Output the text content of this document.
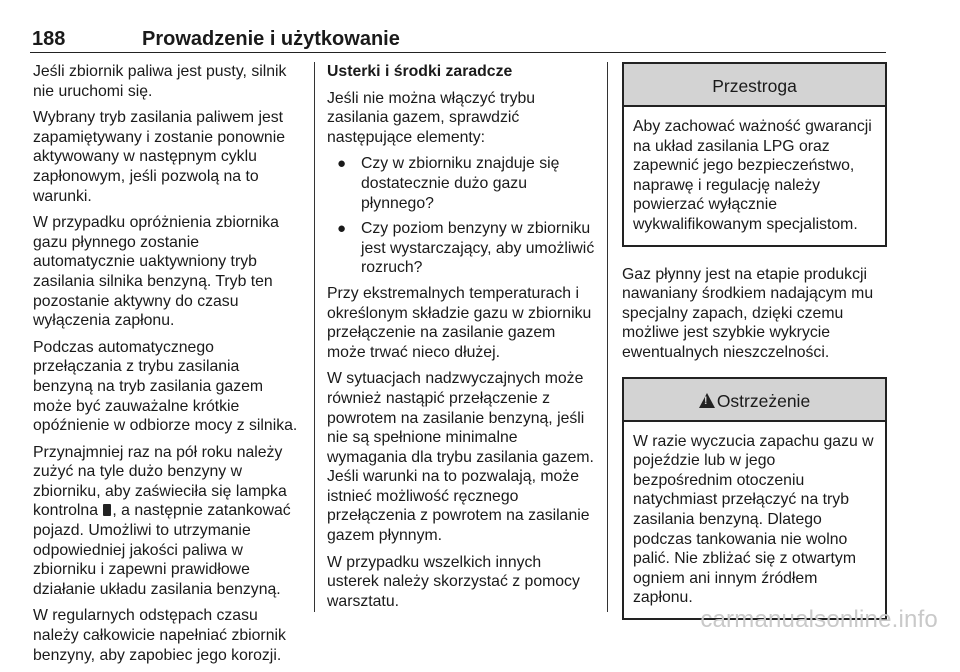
188	Prowadzenie i użytkowanie

Jeśli zbiornik paliwa jest pusty, silnik nie uruchomi się.

Wybrany tryb zasilania paliwem jest zapamiętywany i zostanie ponownie aktywowany w następnym cyklu zapłonowym, jeśli pozwolą na to warunki.

W przypadku opróżnienia zbiornika gazu płynnego zostanie automatycznie uaktywniony tryb zasilania silnika benzyną. Tryb ten pozostanie aktywny do czasu wyłączenia zapłonu.

Podczas automatycznego przełączania z trybu zasilania benzyną na tryb zasilania gazem może być zauważalne krótkie opóźnienie w odbiorze mocy z silnika.

Przynajmniej raz na pół roku należy zużyć na tyle dużo benzyny w zbiorniku, aby zaświeciła się lampka kontrolna , a następnie zatankować pojazd. Umożliwi to utrzymanie odpowiedniej jakości paliwa w zbiorniku i zapewni prawidłowe działanie układu zasilania benzyną.

W regularnych odstępach czasu należy całkowicie napełniać zbiornik benzyny, aby zapobiec jego korozji.

Usterki i środki zaradcze

Jeśli nie można włączyć trybu zasilania gazem, sprawdzić następujące elementy:

● Czy w zbiorniku znajduje się dostatecznie dużo gazu płynnego?
● Czy poziom benzyny w zbiorniku jest wystarczający, aby umożliwić rozruch?

Przy ekstremalnych temperaturach i określonym składzie gazu w zbiorniku przełączenie na zasilanie gazem może trwać nieco dłużej.

W sytuacjach nadzwyczajnych może również nastąpić przełączenie z powrotem na zasilanie benzyną, jeśli nie są spełnione minimalne wymagania dla trybu zasilania gazem. Jeśli warunki na to pozwalają, może istnieć możliwość ręcznego przełączenia z powrotem na zasilanie gazem płynnym.

W przypadku wszelkich innych usterek należy skorzystać z pomocy warsztatu.

Przestroga
Aby zachować ważność gwarancji na układ zasilania LPG oraz zapewnić jego bezpieczeństwo, naprawę i regulację należy powierzać wyłącznie wykwalifikowanym specjalistom.

Gaz płynny jest na etapie produkcji nawaniany środkiem nadającym mu specjalny zapach, dzięki czemu możliwe jest szybkie wykrycie ewentualnych nieszczelności.

!Ostrzeżenie
W razie wyczucia zapachu gazu w pojeździe lub w jego bezpośrednim otoczeniu natychmiast przełączyć na tryb zasilania benzyną. Dlatego podczas tankowania nie wolno palić. Nie zbliżać się z otwartym ogniem ani innym źródłem zapłonu.
carmanualsonline.info
